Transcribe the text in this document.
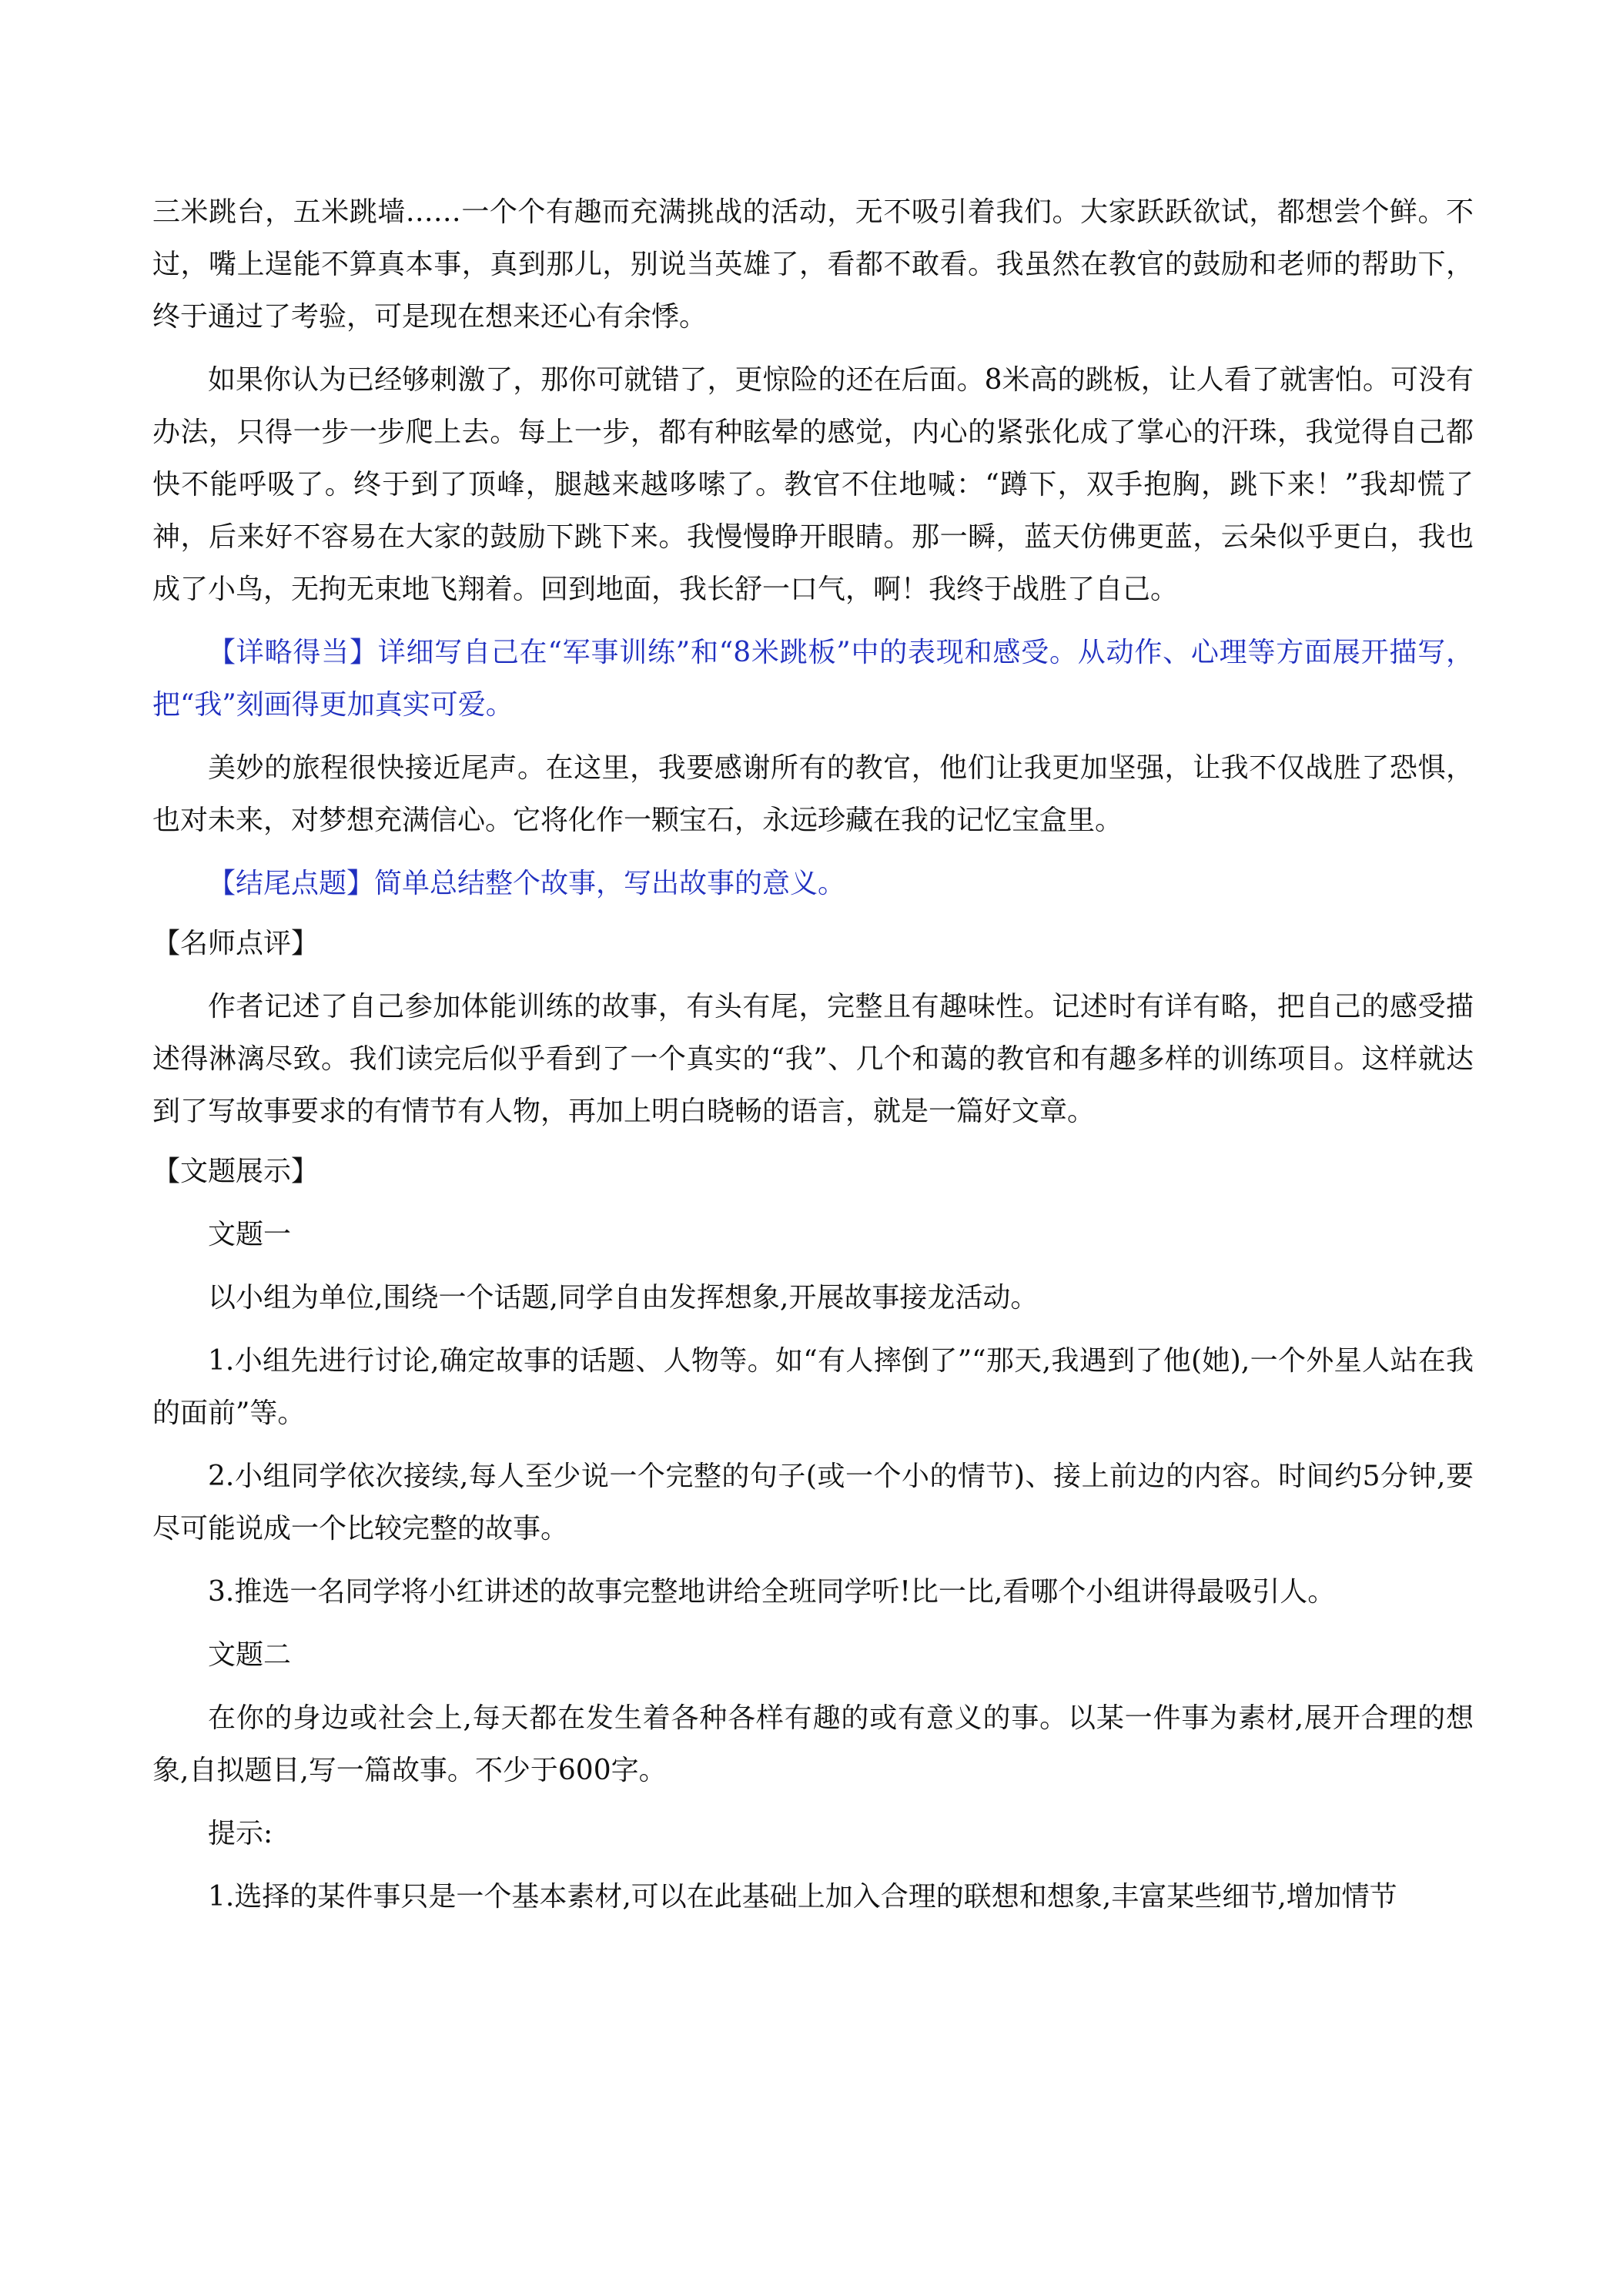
三米跳台，五米跳墙……一个个有趣而充满挑战的活动，无不吸引着我们。大家跃跃欲试，都想尝个鲜。不过，嘴上逞能不算真本事，真到那儿，别说当英雄了，看都不敢看。我虽然在教官的鼓励和老师的帮助下，终于通过了考验，可是现在想来还心有余悸。

如果你认为已经够刺激了，那你可就错了，更惊险的还在后面。8米高的跳板，让人看了就害怕。可没有办法，只得一步一步爬上去。每上一步，都有种眩晕的感觉，内心的紧张化成了掌心的汗珠，我觉得自己都快不能呼吸了。终于到了顶峰，腿越来越哆嗦了。教官不住地喊：“蹲下，双手抱胸，跳下来！”我却慌了神，后来好不容易在大家的鼓励下跳下来。我慢慢睁开眼睛。那一瞬，蓝天仿佛更蓝，云朵似乎更白，我也成了小鸟，无拘无束地飞翔着。回到地面，我长舒一口气，啊！我终于战胜了自己。

【详略得当】详细写自己在“军事训练”和“8米跳板”中的表现和感受。从动作、心理等方面展开描写，把“我”刻画得更加真实可爱。

美妙的旅程很快接近尾声。在这里，我要感谢所有的教官，他们让我更加坚强，让我不仅战胜了恐惧，也对未来，对梦想充满信心。它将化作一颗宝石，永远珍藏在我的记忆宝盒里。

【结尾点题】简单总结整个故事，写出故事的意义。

【名师点评】

作者记述了自己参加体能训练的故事，有头有尾，完整且有趣味性。记述时有详有略，把自己的感受描述得淋漓尽致。我们读完后似乎看到了一个真实的“我”、几个和蔼的教官和有趣多样的训练项目。这样就达到了写故事要求的有情节有人物，再加上明白晓畅的语言，就是一篇好文章。

【文题展示】

文题一

以小组为单位,围绕一个话题,同学自由发挥想象,开展故事接龙活动。

1.小组先进行讨论,确定故事的话题、人物等。如“有人摔倒了”“那天,我遇到了他(她),一个外星人站在我的面前”等。

2.小组同学依次接续,每人至少说一个完整的句子(或一个小的情节)、接上前边的内容。时间约5分钟,要尽可能说成一个比较完整的故事。

3.推选一名同学将小红讲述的故事完整地讲给全班同学听!比一比,看哪个小组讲得最吸引人。

文题二

在你的身边或社会上,每天都在发生着各种各样有趣的或有意义的事。以某一件事为素材,展开合理的想象,自拟题目,写一篇故事。不少于600字。

提示:

1.选择的某件事只是一个基本素材,可以在此基础上加入合理的联想和想象,丰富某些细节,增加情节
